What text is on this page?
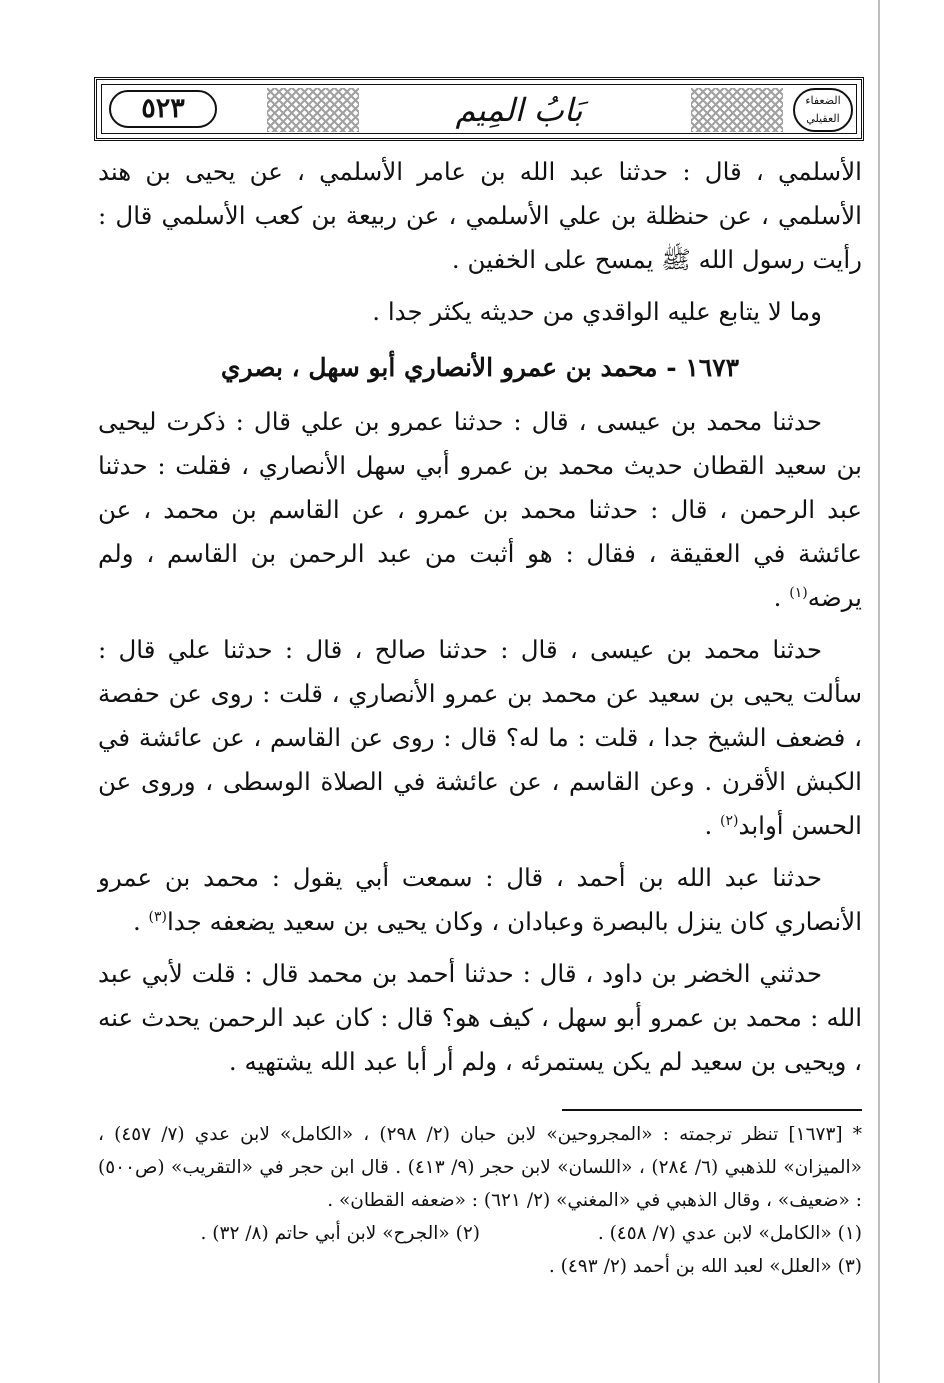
٥٢٣	بَابُ المِيم	الضعفاء
العقيلي

الأسلمي ، قال : حدثنا عبد الله بن عامر الأسلمي ، عن يحيى بن هند الأسلمي ، عن حنظلة بن علي الأسلمي ، عن ربيعة بن كعب الأسلمي قال : رأيت رسول الله ﷺ يمسح على الخفين .

وما لا يتابع عليه الواقدي من حديثه يكثر جدا .

١٦٧٣ - محمد بن عمرو الأنصاري أبو سهل ، بصري

حدثنا محمد بن عيسى ، قال : حدثنا عمرو بن علي قال : ذكرت ليحيى بن سعيد القطان حديث محمد بن عمرو أبي سهل الأنصاري ، فقلت : حدثنا عبد الرحمن ، قال : حدثنا محمد بن عمرو ، عن القاسم بن محمد ، عن عائشة في العقيقة ، فقال : هو أثبت من عبد الرحمن بن القاسم ، ولم يرضه$^{(١)}$ .

حدثنا محمد بن عيسى ، قال : حدثنا صالح ، قال : حدثنا علي قال : سألت يحيى بن سعيد عن محمد بن عمرو الأنصاري ، قلت : روى عن حفصة ، فضعف الشيخ جدا ، قلت : ما له؟ قال : روى عن القاسم ، عن عائشة في الكبش الأقرن . وعن القاسم ، عن عائشة في الصلاة الوسطى ، وروى عن الحسن أوابد$^{(٢)}$ .

حدثنا عبد الله بن أحمد ، قال : سمعت أبي يقول : محمد بن عمرو الأنصاري كان ينزل بالبصرة وعبادان ، وكان يحيى بن سعيد يضعفه جدا$^{(٣)}$ .

حدثني الخضر بن داود ، قال : حدثنا أحمد بن محمد قال : قلت لأبي عبد الله : محمد بن عمرو أبو سهل ، كيف هو؟ قال : كان عبد الرحمن يحدث عنه ، ويحيى بن سعيد لم يكن يستمرئه ، ولم أر أبا عبد الله يشتهيه .

* [١٦٧٣] تنظر ترجمته : «المجروحين» لابن حبان (٢/ ٢٩٨) ، «الكامل» لابن عدي (٧/ ٤٥٧) ، «الميزان» للذهبي (٦/ ٢٨٤) ، «اللسان» لابن حجر (٩/ ٤١٣) . قال ابن حجر في «التقريب» (ص٥٠٠) : «ضعيف» ، وقال الذهبي في «المغني» (٢/ ٦٢١) : «ضعفه القطان» .

(١) «الكامل» لابن عدي (٧/ ٤٥٨) .

(٢) «الجرح» لابن أبي حاتم (٨/ ٣٢) .

(٣) «العلل» لعبد الله بن أحمد (٢/ ٤٩٣) .
